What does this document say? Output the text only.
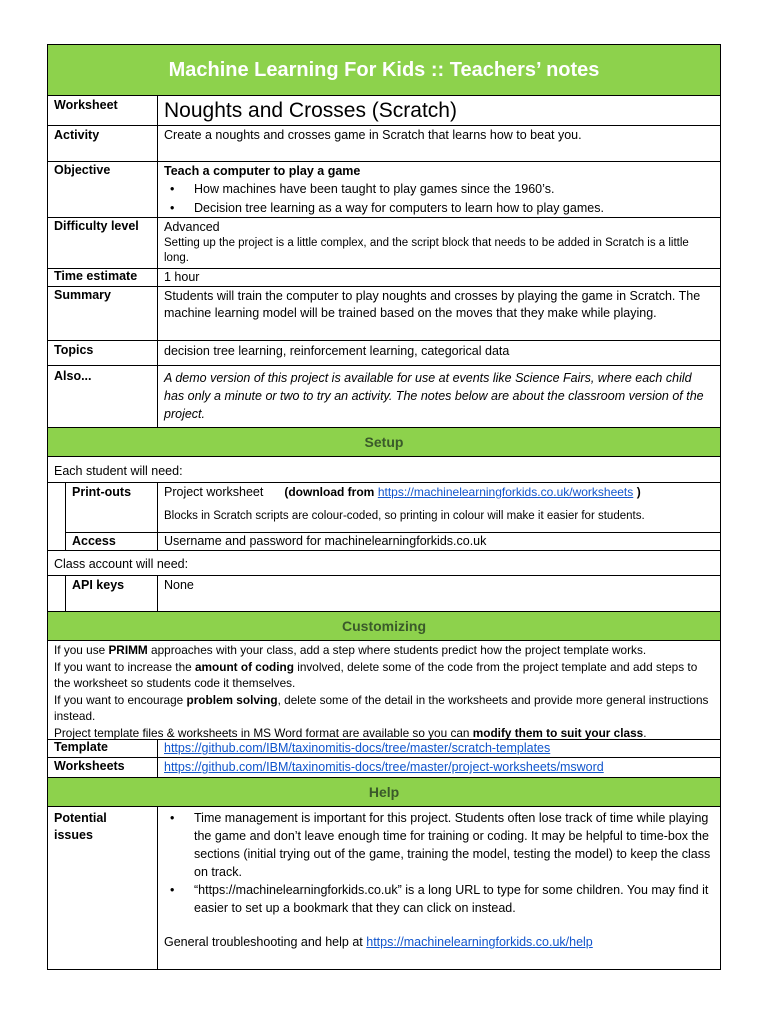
Machine Learning For Kids :: Teachers’ notes
Worksheet Noughts and Crosses (Scratch)
Activity	Create a noughts and crosses game in Scratch that learns how to beat you.
Objective	Teach a computer to play a game
• How machines have been taught to play games since the 1960’s.
• Decision tree learning as a way for computers to learn how to play games.
Difficulty level Advanced
Setting up the project is a little complex, and the script block that needs to be added in Scratch is a little long.
Time estimate 1 hour
Summary	Students will train the computer to play noughts and crosses by playing the game in Scratch. The machine learning model will be trained based on the moves that they make while playing.
Topics	decision tree learning, reinforcement learning, categorical data
Also...	A demo version of this project is available for use at events like Science Fairs, where each child has only a minute or two to try an activity. The notes below are about the classroom version of the project.
Setup
Each student will need:
Print-outs	Project worksheet (download from https://machinelearningforkids.co.uk/worksheets )
Blocks in Scratch scripts are colour-coded, so printing in colour will make it easier for students.
Access	Username and password for machinelearningforkids.co.uk
Class account will need:
API keys	None
Customizing
If you use PRIMM approaches with your class, add a step where students predict how the project template works.
If you want to increase the amount of coding involved, delete some of the code from the project template and add steps to the worksheet so students code it themselves.
If you want to encourage problem solving, delete some of the detail in the worksheets and provide more general instructions instead.
Project template files & worksheets in MS Word format are available so you can modify them to suit your class.
Template	https://github.com/IBM/taxinomitis-docs/tree/master/scratch-templates
Worksheets	https://github.com/IBM/taxinomitis-docs/tree/master/project-worksheets/msword
Help
Potential
issues
• Time management is important for this project. Students often lose track of time while playing the game and don’t leave enough time for training or coding. It may be helpful to time-box the sections (initial trying out of the game, training the model, testing the model) to keep the class on track.
• “https://machinelearningforkids.co.uk” is a long URL to type for some children. You may find it easier to set up a bookmark that they can click on instead.
General troubleshooting and help at https://machinelearningforkids.co.uk/help
